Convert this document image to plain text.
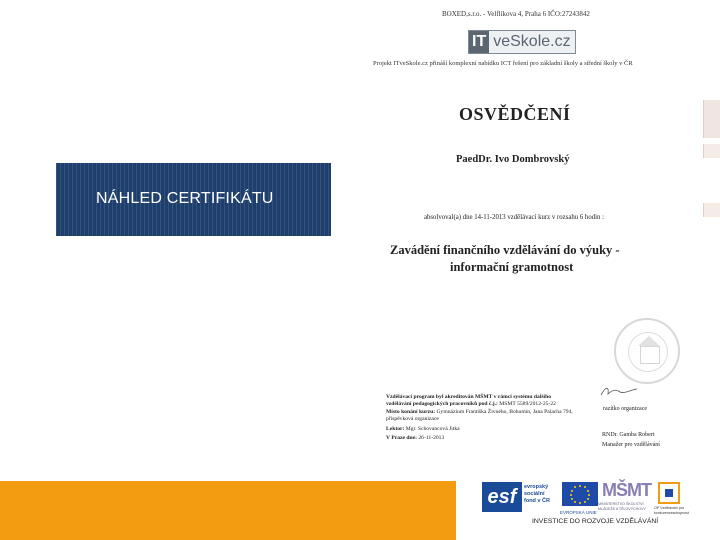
NÁHLED CERTIFIKÁTU
BOXED,s.r.o. - Velflíkova 4, Praha 6 IČO:27243842
IT veSkole.cz
Projekt ITveSkole.cz přináší komplexní nabídku ICT řešení pro základní školy a střední školy v ČR
OSVĚDČENÍ
PaedDr. Ivo Dombrovský
absolvoval(a) dne 14-11-2013 vzdělávací kurz v rozsahu 6 hodin :
Zavádění finančního vzdělávání do výuky -
informační gramotnost
razítko organizace
Vzdělávací program byl akreditován MŠMT v rámci systému dalšího
vzdělávání pedagogických pracovníků pod č.j.: MSMT 5589/2012-25-22
Místo konání kurzu: Gymnázium Františka Živného, Bohumín, Jana Palacha 794,
příspěvková organizace
Lektor: Mgr. Schovancová Jitka
V Praze dne: 26-11-2013
RNDr. Gamba Robert
Manažer pro vzdělávání
esf	evropský
sociální
fond v ČR
EVROPSKÁ UNIE
MŠMT
MINISTERSTVO ŠKOLSTVÍ, MLÁDEŽE A TĚLOVÝCHOVY OP Vzdělávání pro konkurenceschopnost
INVESTICE DO ROZVOJE VZDĚLÁVÁNÍ
